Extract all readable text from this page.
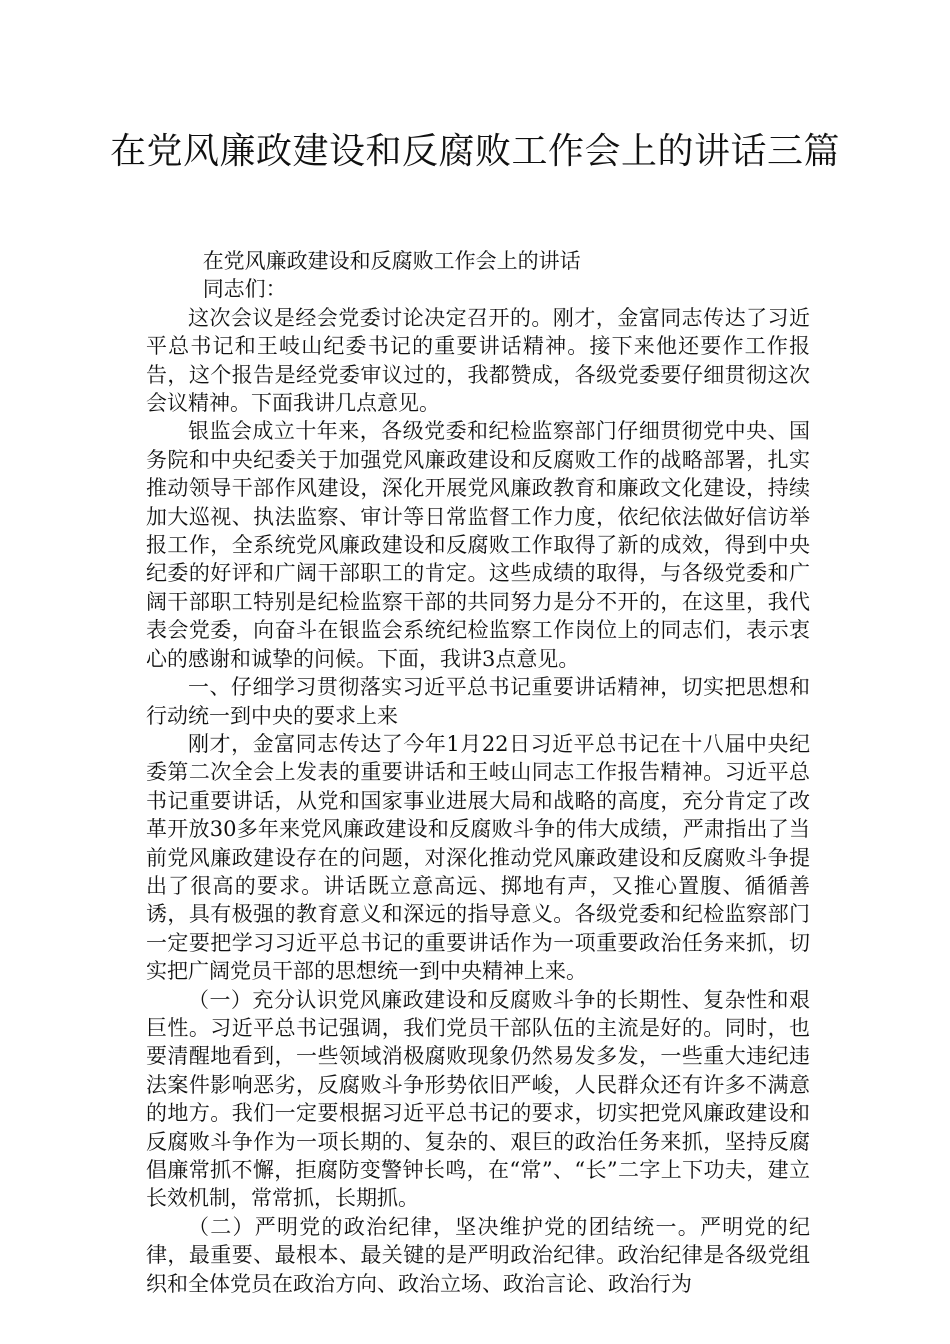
在党风廉政建设和反腐败工作会上的讲话三篇

在党风廉政建设和反腐败工作会上的讲话

同志们：

这次会议是经会党委讨论决定召开的。刚才，金富同志传达了习近平总书记和王岐山纪委书记的重要讲话精神。接下来他还要作工作报告，这个报告是经党委审议过的，我都赞成，各级党委要仔细贯彻这次会议精神。下面我讲几点意见。

银监会成立十年来，各级党委和纪检监察部门仔细贯彻党中央、国务院和中央纪委关于加强党风廉政建设和反腐败工作的战略部署，扎实推动领导干部作风建设，深化开展党风廉政教育和廉政文化建设，持续加大巡视、执法监察、审计等日常监督工作力度，依纪依法做好信访举报工作，全系统党风廉政建设和反腐败工作取得了新的成效，得到中央纪委的好评和广阔干部职工的肯定。这些成绩的取得，与各级党委和广阔干部职工特别是纪检监察干部的共同努力是分不开的，在这里，我代表会党委，向奋斗在银监会系统纪检监察工作岗位上的同志们，表示衷心的感谢和诚挚的问候。下面，我讲3点意见。

一、仔细学习贯彻落实习近平总书记重要讲话精神，切实把思想和行动统一到中央的要求上来

刚才，金富同志传达了今年1月22日习近平总书记在十八届中央纪委第二次全会上发表的重要讲话和王岐山同志工作报告精神。习近平总书记重要讲话，从党和国家事业进展大局和战略的高度，充分肯定了改革开放30多年来党风廉政建设和反腐败斗争的伟大成绩，严肃指出了当前党风廉政建设存在的问题，对深化推动党风廉政建设和反腐败斗争提出了很高的要求。讲话既立意高远、掷地有声，又推心置腹、循循善诱，具有极强的教育意义和深远的指导意义。各级党委和纪检监察部门一定要把学习习近平总书记的重要讲话作为一项重要政治任务来抓，切实把广阔党员干部的思想统一到中央精神上来。

（一）充分认识党风廉政建设和反腐败斗争的长期性、复杂性和艰巨性。习近平总书记强调，我们党员干部队伍的主流是好的。同时，也要清醒地看到，一些领域消极腐败现象仍然易发多发，一些重大违纪违法案件影响恶劣，反腐败斗争形势依旧严峻，人民群众还有许多不满意的地方。我们一定要根据习近平总书记的要求，切实把党风廉政建设和反腐败斗争作为一项长期的、复杂的、艰巨的政治任务来抓，坚持反腐倡廉常抓不懈，拒腐防变警钟长鸣，在“常”、“长”二字上下功夫，建立长效机制，常常抓，长期抓。

（二）严明党的政治纪律，坚决维护党的团结统一。严明党的纪律，最重要、最根本、最关键的是严明政治纪律。政治纪律是各级党组织和全体党员在政治方向、政治立场、政治言论、政治行为
